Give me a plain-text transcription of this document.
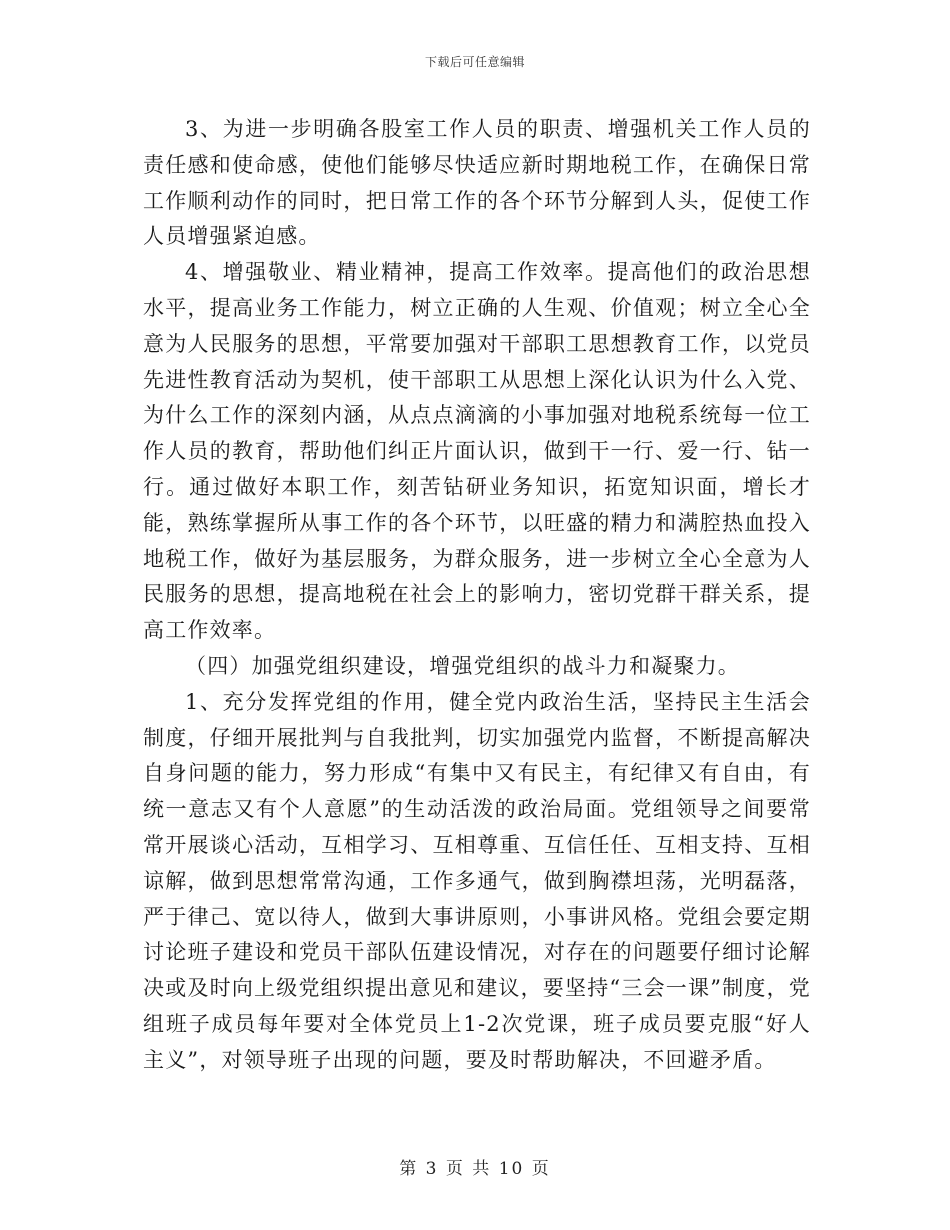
下载后可任意编辑

3、为进一步明确各股室工作人员的职责、增强机关工作人员的责任感和使命感，使他们能够尽快适应新时期地税工作，在确保日常工作顺利动作的同时，把日常工作的各个环节分解到人头，促使工作人员增强紧迫感。

4、增强敬业、精业精神，提高工作效率。提高他们的政治思想水平，提高业务工作能力，树立正确的人生观、价值观；树立全心全意为人民服务的思想，平常要加强对干部职工思想教育工作，以党员先进性教育活动为契机，使干部职工从思想上深化认识为什么入党、为什么工作的深刻内涵，从点点滴滴的小事加强对地税系统每一位工作人员的教育，帮助他们纠正片面认识，做到干一行、爱一行、钻一行。通过做好本职工作，刻苦钻研业务知识，拓宽知识面，增长才能，熟练掌握所从事工作的各个环节，以旺盛的精力和满腔热血投入地税工作，做好为基层服务，为群众服务，进一步树立全心全意为人民服务的思想，提高地税在社会上的影响力，密切党群干群关系，提高工作效率。

（四）加强党组织建设，增强党组织的战斗力和凝聚力。

1、充分发挥党组的作用，健全党内政治生活，坚持民主生活会制度，仔细开展批判与自我批判，切实加强党内监督，不断提高解决自身问题的能力，努力形成“有集中又有民主，有纪律又有自由，有统一意志又有个人意愿”的生动活泼的政治局面。党组领导之间要常常开展谈心活动，互相学习、互相尊重、互信任任、互相支持、互相谅解，做到思想常常沟通，工作多通气，做到胸襟坦荡，光明磊落，严于律己、宽以待人，做到大事讲原则，小事讲风格。党组会要定期讨论班子建设和党员干部队伍建设情况，对存在的问题要仔细讨论解决或及时向上级党组织提出意见和建议，要坚持“三会一课”制度，党组班子成员每年要对全体党员上1-2次党课，班子成员要克服“好人主义”，对领导班子出现的问题，要及时帮助解决，不回避矛盾。

第 3 页 共 10 页
